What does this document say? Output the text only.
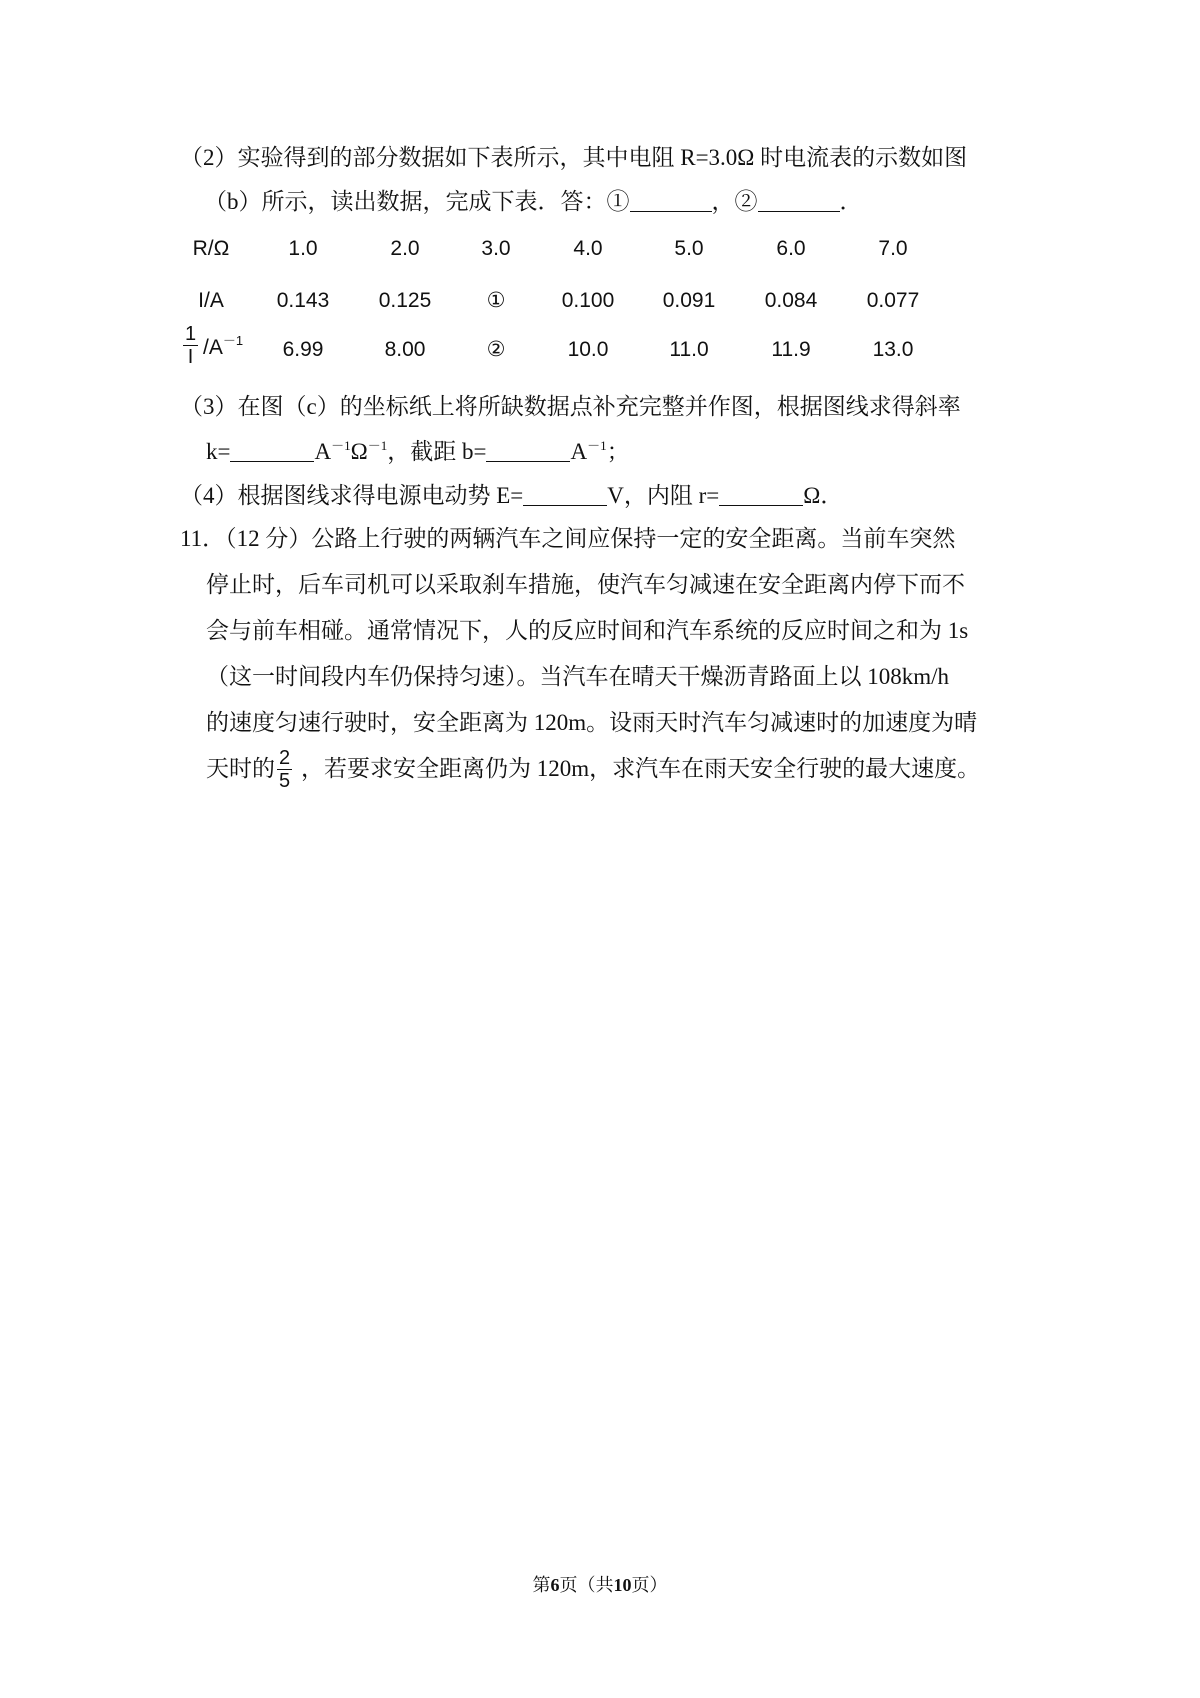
（2）实验得到的部分数据如下表所示，其中电阻 R=3.0Ω 时电流表的示数如图
（b）所示，读出数据，完成下表．答：①	，②	．
R/Ω	1.0	2.0	3.0	4.0	5.0	6.0	7.0
I/A	0.143	0.125	①	0.100	0.091	0.084	0.077
$\frac{1}{I} /A^{-1}$	6.99	8.00	②	10.0	11.0	11.9	13.0
（3）在图（c）的坐标纸上将所缺数据点补充完整并作图，根据图线求得斜率
k=	$A^{-1}\Omega^{-1}$，截距 b=	$A^{-1}$；
（4）根据图线求得电源电动势 E=	V，内阻 r=	Ω．
11．（12 分）公路上行驶的两辆汽车之间应保持一定的安全距离。当前车突然
停止时，后车司机可以采取刹车措施，使汽车匀减速在安全距离内停下而不
会与前车相碰。通常情况下，人的反应时间和汽车系统的反应时间之和为 1s
（这一时间段内车仍保持匀速）。当汽车在晴天干燥沥青路面上以 108km/h
的速度匀速行驶时，安全距离为 120m。设雨天时汽车匀减速时的加速度为晴
天时的 $\frac{2}{5}$ ，若要求安全距离仍为 120m，求汽车在雨天安全行驶的最大速度。
第6页（共10页）
